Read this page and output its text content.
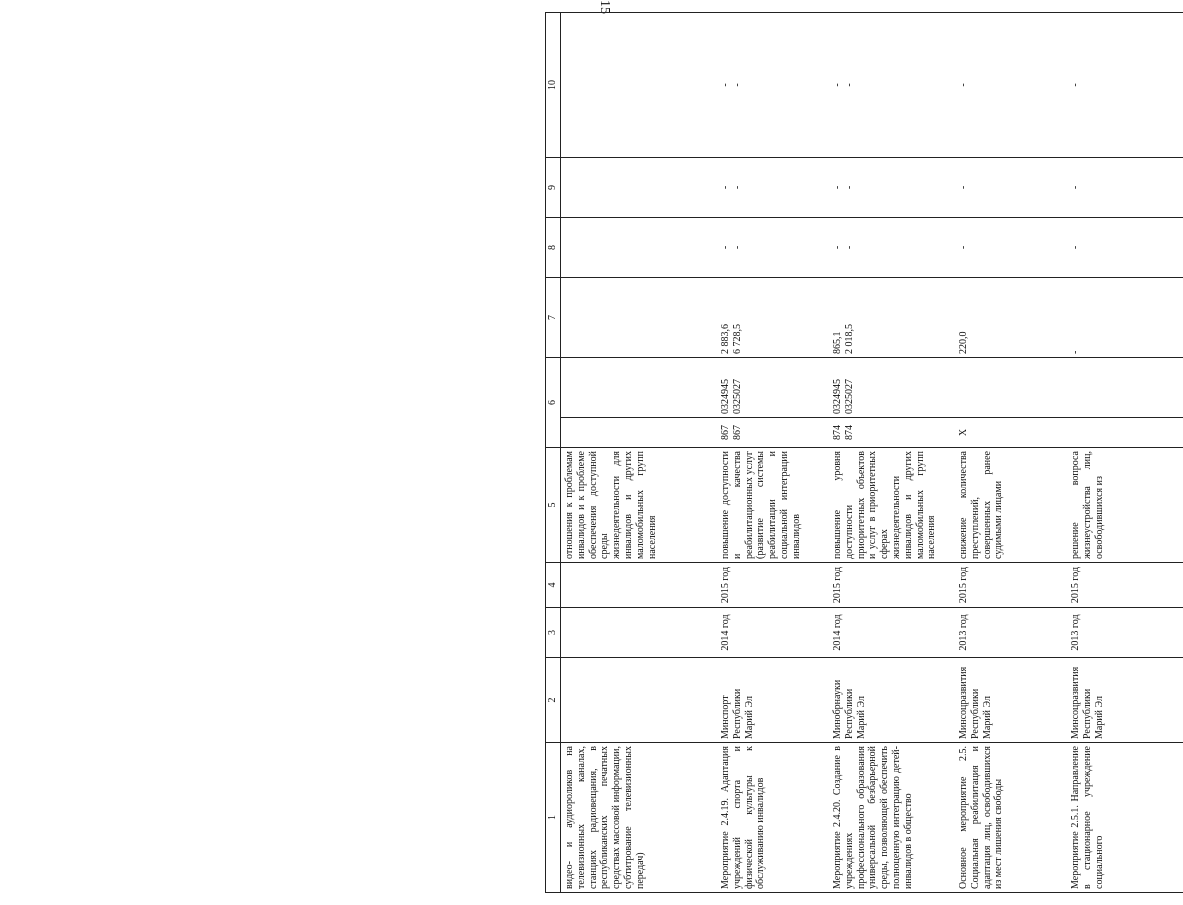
15
1	2	3	4	5	6		7	8	9	10
видео- и аудиороликов на телевизионных каналах, станциях радиовещания, в республиканских печатных средствах массовой информации, субтитрование телевизионных передач)				отношения к проблемам инвалидов и к проблеме обеспечения доступной среды жизнедеятельности для инвалидов и других маломобильных групп населения						
Мероприятие 2.4.19. Адаптация учреждений спорта и физической культуры к обслуживанию инвалидов	Минспорт Республики Марий Эл	2014 год	2015 год	повышение доступности и качества реабилитационных услуг (развитие системы реабилитации и социальной интеграции инвалидов	867 867	0324945 0325027	2 883,6 6 728,5	- -	- -	- -

Мероприятие 2.4.20. Создание в учреждениях профессионального образования универсальной безбарьерной среды, позволяющей обеспечить полноценную интеграцию детей-инвалидов в общество	Минобрнауки Республики Марий Эл	2014 год	2015 год	повышение уровня доступности приоритетных объектов и услуг в приоритетных сферах жизнедеятельности инвалидов и других маломобильных групп населения	874 874	0324945 0325027	865,1 2 018,5	- -	- -	- -

Основное мероприятие 2.5. Социальная реабилитация и адаптация лиц, освободившихся из мест лишения свободы	Минсоцразвития Республики Марий Эл	2013 год	2015 год	снижение количества преступлений, совершенных ранее судимыми лицами	Х		220,0	-	-	-

Мероприятие 2.5.1. Направление в стационарное учреждение социального	Минсоцразвития Республики Марий Эл	2013 год	2015 год	решение вопроса жизнеустройства лиц, освободившихся из			-	-	-	-
